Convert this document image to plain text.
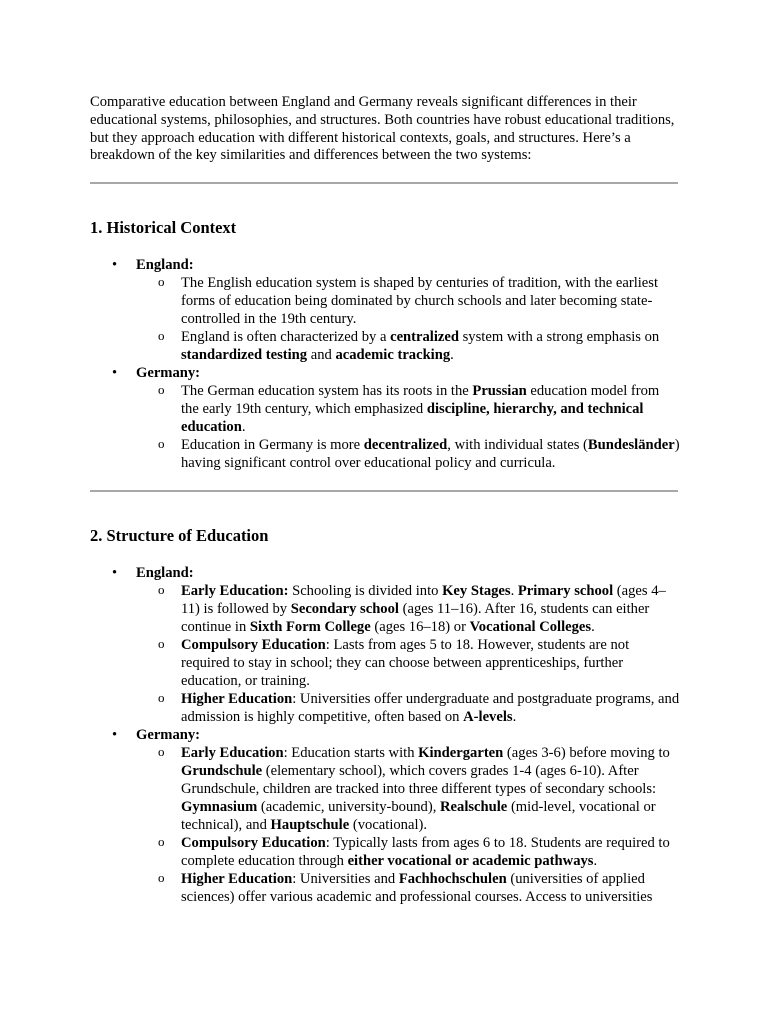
Comparative education between England and Germany reveals significant differences in their educational systems, philosophies, and structures. Both countries have robust educational traditions, but they approach education with different historical contexts, goals, and structures. Here’s a breakdown of the key similarities and differences between the two systems:

1. Historical Context
• England:
o The English education system is shaped by centuries of tradition, with the earliest forms of education being dominated by church schools and later becoming state-controlled in the 19th century.
o England is often characterized by a centralized system with a strong emphasis on standardized testing and academic tracking.
• Germany:
o The German education system has its roots in the Prussian education model from the early 19th century, which emphasized discipline, hierarchy, and technical education.
o Education in Germany is more decentralized, with individual states (Bundesländer) having significant control over educational policy and curricula.
2. Structure of Education
• England:
o Early Education: Schooling is divided into Key Stages. Primary school (ages 4–11) is followed by Secondary school (ages 11–16). After 16, students can either continue in Sixth Form College (ages 16–18) or Vocational Colleges.
o Compulsory Education: Lasts from ages 5 to 18. However, students are not required to stay in school; they can choose between apprenticeships, further education, or training.
o Higher Education: Universities offer undergraduate and postgraduate programs, and admission is highly competitive, often based on A-levels.
• Germany:
o Early Education: Education starts with Kindergarten (ages 3-6) before moving to Grundschule (elementary school), which covers grades 1-4 (ages 6-10). After Grundschule, children are tracked into three different types of secondary schools: Gymnasium (academic, university-bound), Realschule (mid-level, vocational or technical), and Hauptschule (vocational).
o Compulsory Education: Typically lasts from ages 6 to 18. Students are required to complete education through either vocational or academic pathways.
o Higher Education: Universities and Fachhochschulen (universities of applied sciences) offer various academic and professional courses. Access to universities
